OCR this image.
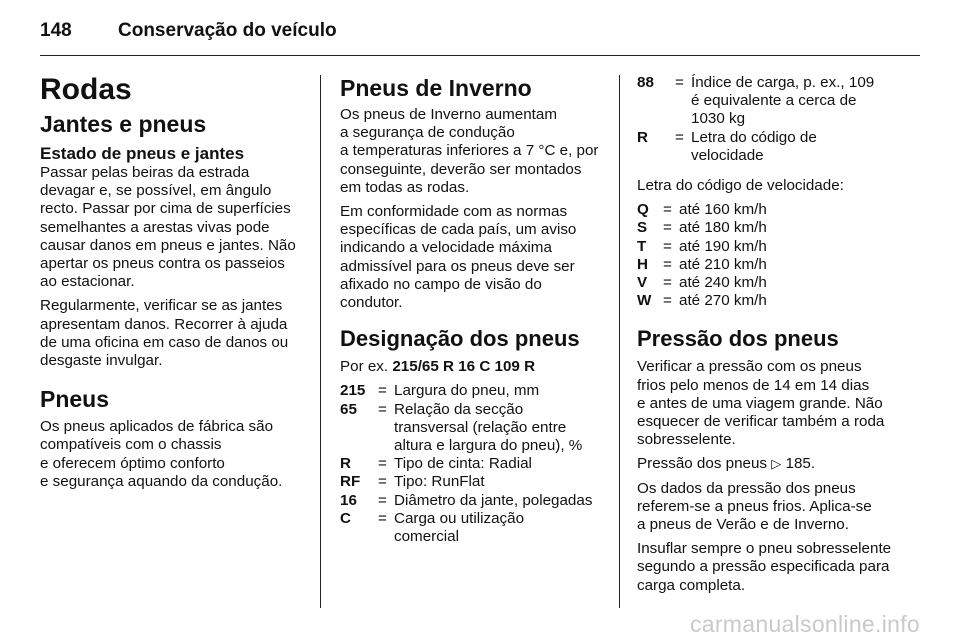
148 Conservação do veículo
Rodas
Jantes e pneus
Estado de pneus e jantes

Passar pelas beiras da estrada
devagar e, se possível, em ângulo
recto. Passar por cima de superfícies
semelhantes a arestas vivas pode
causar danos em pneus e jantes. Não
apertar os pneus contra os passeios
ao estacionar.

Regularmente, verificar se as jantes
apresentam danos. Recorrer à ajuda
de uma oficina em caso de danos ou
desgaste invulgar.

Pneus

Os pneus aplicados de fábrica são
compatíveis com o chassis
e oferecem óptimo conforto
e segurança aquando da condução.

Pneus de Inverno

Os pneus de Inverno aumentam
a segurança de condução
a temperaturas inferiores a 7 °C e, por
conseguinte, deverão ser montados
em todas as rodas.

Em conformidade com as normas
específicas de cada país, um aviso
indicando a velocidade máxima
admissível para os pneus deve ser
afixado no campo de visão do
condutor.

Designação dos pneus

Por ex. 215/65 R 16 C 109 R

215 = Largura do pneu, mm
65	= Relação da secção
transversal (relação entre
altura e largura do pneu), %
R	= Tipo de cinta: Radial
RF	= Tipo: RunFlat
16	= Diâmetro da jante, polegadas
C	= Carga ou utilização
comercial
88	= Índice de carga, p. ex., 109
é equivalente a cerca de
1030 kg
R	= Letra do código de
velocidade

Letra do código de velocidade:

Q = até 160 km/h
S	= até 180 km/h
T	= até 190 km/h
H = até 210 km/h
V	= até 240 km/h
W = até 270 km/h
Pressão dos pneus

Verificar a pressão com os pneus
frios pelo menos de 14 em 14 dias
e antes de uma viagem grande. Não
esquecer de verificar também a roda
sobresselente.

Pressão dos pneus ▷ 185.

Os dados da pressão dos pneus
referem-se a pneus frios. Aplica-se
a pneus de Verão e de Inverno.

Insuflar sempre o pneu sobresselente
segundo a pressão especificada para
carga completa.

carmanualsonline.info
